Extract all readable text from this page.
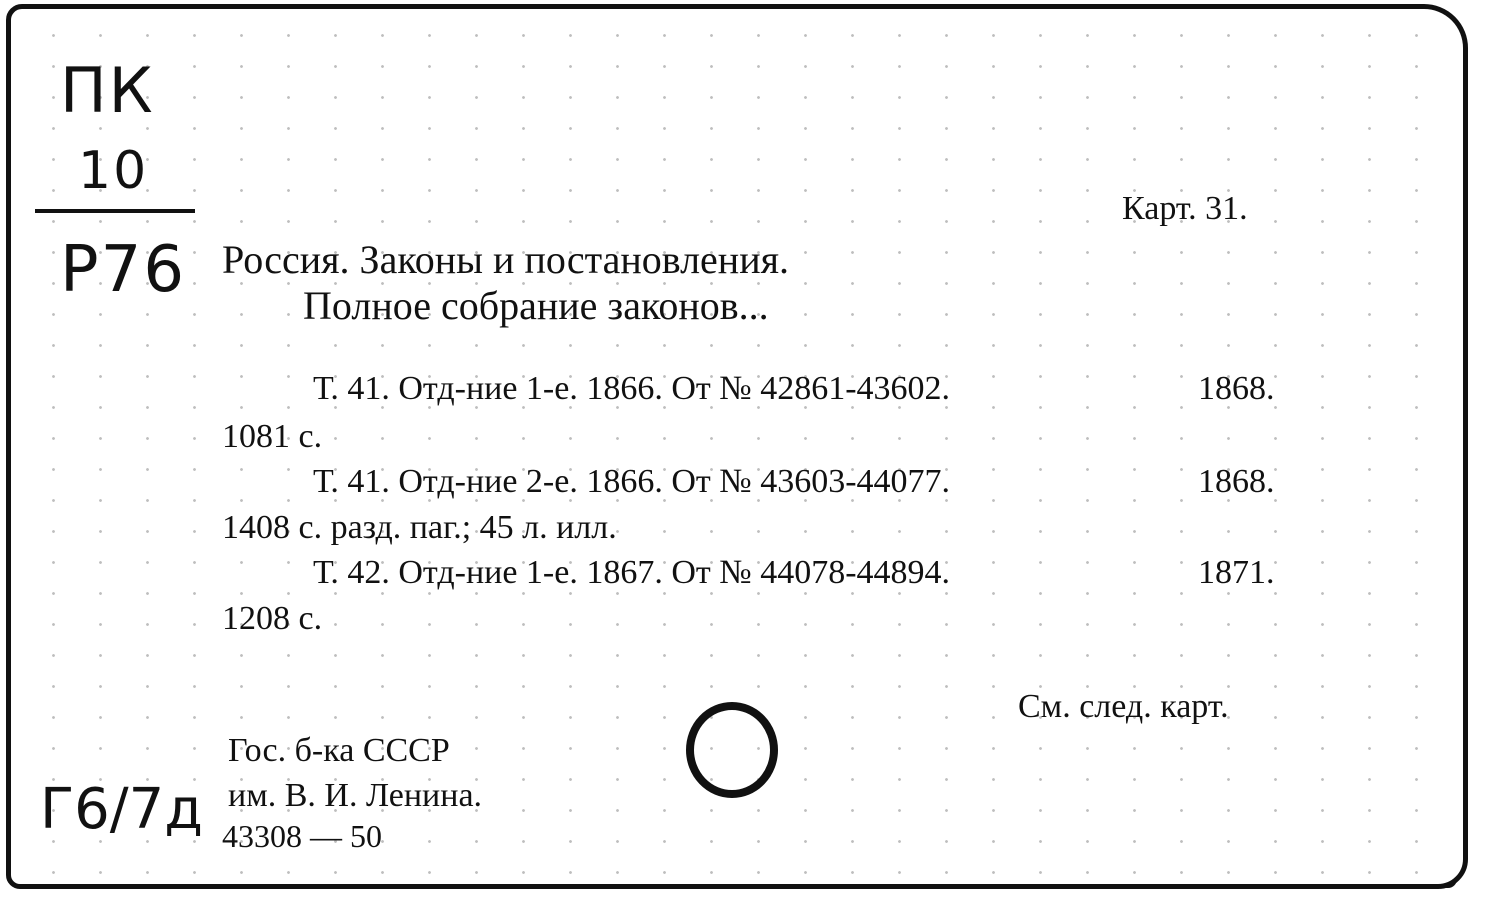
ПК
10
Р76
Г6/7д
Карт. 31.
Россия. Законы и постановления.
Полное собрание законов...
Т. 41. Отд-ние 1-е. 1866. От № 42861-43602.	1868.
1081 с.
Т. 41. Отд-ние 2-е. 1866. От № 43603-44077.	1868.
1408 с. разд. паг.; 45 л. илл.
Т. 42. Отд-ние 1-е. 1867. От № 44078-44894.	1871.
1208 с.
См. след. карт.
Гос. б-ка СССР
им. В. И. Ленина.
43308 — 50
